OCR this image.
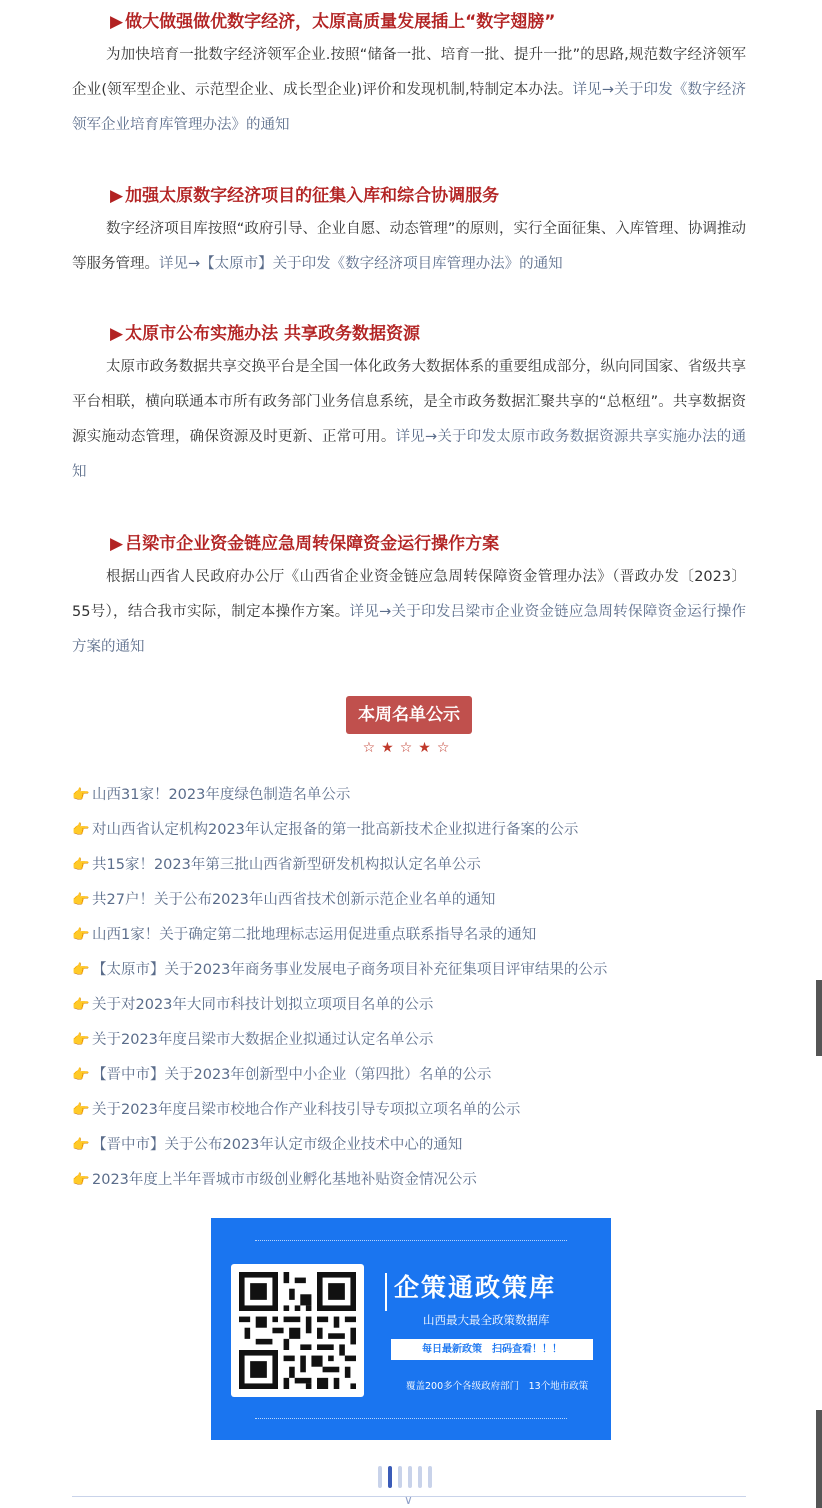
▶ 做大做强做优数字经济，太原高质量发展插上“数字翅膀”

为加快培育一批数字经济领军企业.按照“储备一批、培育一批、提升一批”的思路,规范数字经济领军企业(领军型企业、示范型企业、成长型企业)评价和发现机制,特制定本办法。详见→关于印发《数字经济领军企业培育库管理办法》的通知

▶ 加强太原数字经济项目的征集入库和综合协调服务

数字经济项目库按照“政府引导、企业自愿、动态管理”的原则，实行全面征集、入库管理、协调推动等服务管理。详见→【太原市】关于印发《数字经济项目库管理办法》的通知

▶ 太原市公布实施办法 共享政务数据资源

太原市政务数据共享交换平台是全国一体化政务大数据体系的重要组成部分，纵向同国家、省级共享平台相联，横向联通本市所有政务部门业务信息系统，是全市政务数据汇聚共享的“总枢纽”。共享数据资源实施动态管理，确保资源及时更新、正常可用。详见→关于印发太原市政务数据资源共享实施办法的通知

▶ 吕梁市企业资金链应急周转保障资金运行操作方案

根据山西省人民政府办公厅《山西省企业资金链应急周转保障资金管理办法》（晋政办发〔2023〕55号），结合我市实际，制定本操作方案。详见→关于印发吕梁市企业资金链应急周转保障资金运行操作方案的通知

本周名单公示
☆★☆★☆
👉 山西31家！2023年度绿色制造名单公示
👉 对山西省认定机构2023年认定报备的第一批高新技术企业拟进行备案的公示
👉 共15家！2023年第三批山西省新型研发机构拟认定名单公示
👉 共27户！关于公布2023年山西省技术创新示范企业名单的通知
👉 山西1家！关于确定第二批地理标志运用促进重点联系指导名录的通知
👉 【太原市】关于2023年商务事业发展电子商务项目补充征集项目评审结果的公示
👉 关于对2023年大同市科技计划拟立项项目名单的公示
👉 关于2023年度吕梁市大数据企业拟通过认定名单公示
👉 【晋中市】关于2023年创新型中小企业（第四批）名单的公示
👉 关于2023年度吕梁市校地合作产业科技引导专项拟立项名单的公示
👉 【晋中市】关于公布2023年认定市级企业技术中心的通知
👉 2023年度上半年晋城市市级创业孵化基地补贴资金情况公示
企策通政策库
山西最大最全政策数据库
每日最新政策　扫码查看！！！
覆盖200多个各级政府部门　13个地市政策
∨
